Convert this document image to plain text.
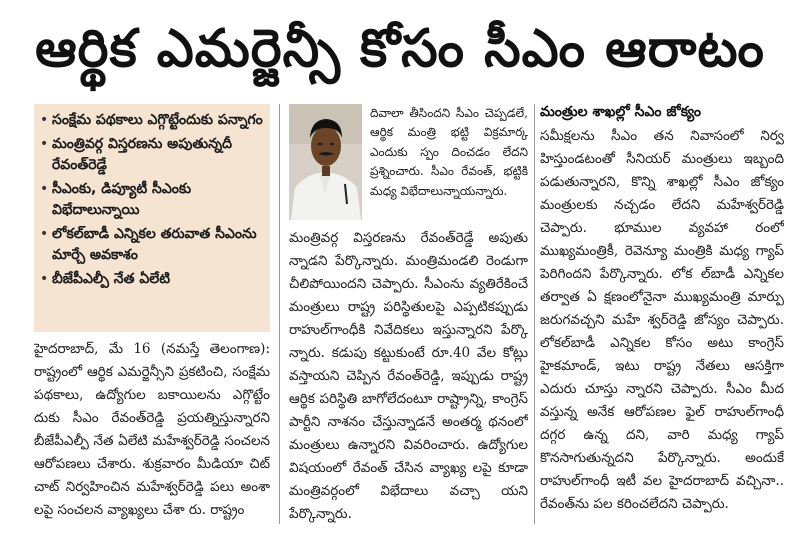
ఆర్థిక ఎమర్జెన్సీ కోసం సీఎం ఆరాటం
• సంక్షేమ పథకాలు ఎగ్గొట్టేందుకు పన్నాగం
• మంత్రివర్గ విస్తరణను అపుతున్నదీ రేవంత్‌రెడ్డే
• సీఎంకు, డిప్యూటీ సీఎంకు విభేదాలున్నాయి
• లోకల్‌బాడీ ఎన్నికల తరువాత సీఎంను మార్చే అవకాశం
• బీజేపీఎల్పీ నేత ఏలేటి

హైదరాబాద్, మే 16 (నమస్తే తెలంగాణ): రాష్ట్రంలో ఆర్థిక ఎమర్జెన్సీని ప్రకటించి, సంక్షేమ పథకాలు, ఉద్యోగుల బకాయిలను ఎగ్గొట్టేం దుకు సీఎం రేవంత్‌రెడ్డి ప్రయత్నిస్తున్నారని బీజేపీఎల్పీ నేత ఏలేటి మహేశ్వర్‌రెడ్డి సంచలన ఆరోపణలు చేశారు. శుక్రవారం మీడియా చిట్ చాట్ నిర్వహించిన మహేశ్వర్‌రెడ్డి పలు అంశా లపై సంచలన వ్యాఖ్యలు చేశా రు. రాష్ట్రం

దివాలా తీసిందని సీఎం చెప్పడలే, ఆర్థిక మంత్రి భట్టి విక్రమార్క ఎందుకు స్పం దించడం లేదని ప్రశ్నించారు. సీఎం రేవంత్, భట్టికి మధ్య విభేదాలున్నాయన్నారు.

మంత్రివర్గ విస్తరణను రేవంత్‌రెడ్డే అపుతు న్నాడని పేర్కొన్నారు. మంత్రిమండలి రెండుగా చీలిపోయిందని చెప్పారు. సీఎంను వ్యతిరేకించే మంత్రులు రాష్ట్ర పరిస్థితులపై ఎప్పటికప్పుడు రాహుల్‌గాంధీకి నివేదికలు ఇస్తున్నారని పేర్కొ న్నారు. కడుపు కట్టుకుంటే రూ.40 వేల కోట్లు వస్తాయని చెప్పిన రేవంత్‌రెడ్డి, ఇప్పుడు రాష్ట్ర ఆర్థిక పరిస్థితి బాగోలేదంటూ రాష్ట్రాన్ని, కాంగ్రెస్ పార్టీని నాశనం చేస్తున్నాడనే అంతర్మ థనంలో మంత్రులు ఉన్నారని వివరించారు. ఉద్యోగుల విషయంలో రేవంత్ చేసిన వ్యాఖ్య లపై కూడా మంత్రివర్గంలో విభేదాలు వచ్చా యని పేర్కొన్నారు.

మంత్రుల శాఖల్లో సీఎం జోక్యం

సమీక్షలను సీఎం తన నివాసంలో నిర్వ హిస్తుండటంతో సీనియర్ మంత్రులు ఇబ్బంది పడుతున్నారని, కొన్ని శాఖల్లో సీఎం జోక్యం మంత్రులకు నచ్చడం లేదని మహేశ్వర్‌రెడ్డి చెప్పారు. భూముల వ్యవహా రంలో ముఖ్యమంత్రికీ, రెవెన్యూ మంత్రికి మధ్య గ్యాప్ పెరిగిందని పేర్కొన్నారు. లోక ల్‌బాడీ ఎన్నికల తర్వాత ఏ క్షణంలోనైనా ముఖ్యమంత్రి మార్పు జరుగవచ్చని మహే శ్వర్‌రెడ్డి జోస్యం చెప్పారు. లోకల్‌బాడీ ఎన్నికల కోసం అటు కాంగ్రెస్ హైకమాండ్, ఇటు రాష్ట్ర నేతలు ఆసక్తిగా ఎదురు చూస్తు న్నారని చెప్పారు. సీఎం మీద వస్తున్న అనేక ఆరోపణల ఫైల్ రాహుల్‌గాంధీ దగ్గర ఉన్న దని, వారి మధ్య గ్యాప్ కొనసాగుతున్నదని పేర్కొన్నారు. అందుకే రాహుల్‌గాంధీ ఇటీ వల హైదరాబాద్ వచ్చినా.. రేవంత్‌ను పల కరించలేదని చెప్పారు.
